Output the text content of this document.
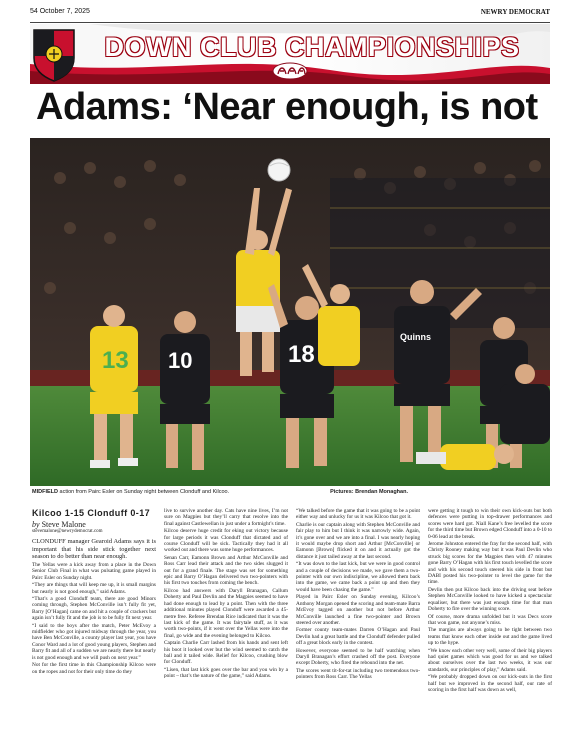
54 October 7, 2025	NEWRY DEMOCRAT
DOWN CLUB CHAMPIONSHIPS
Adams: ‘Near enough, is not
13 10	18
Quinns
MIDFIELD action from Pairc Esler on Sunday night between Clonduff and Kilcoo.	Pictures: Brendan Monaghan.
Kilcoo 1-15 Clonduff 0-17
by Steve Malone
stevemalone@newrydemocrat.com

CLONDUFF manager Gearoid Adams says it is important that his side stick together next season to do better than near enough.

The Yellas were a kick away from a place in the Down Senior Club Final in what was pulsating game played in Pairc Esler on Sunday night.

“They are things that will keep me up, it is small margins but nearly is not good enough,” said Adams.

“That’s a good Clonduff team, there are good Minors coming through, Stephen McConville isn’t fully fit yet, Barry [O’Hagan] came on and hit a couple of crackers but again isn’t fully fit and the job is to be fully fit next year.

“I said to the boys after the match, Peter McEvoy a midfielder who got injured midway through the year, you have Ben McConville, a county player last year, you have Conor Ward and a lot of good young players, Stephen and Barry fit and all of a sudden we are nearly there but nearly is not good enough and we will push on next year.”

Not for the first time in this Championship Kilcoo were on the ropes and not for their only time do they

live to survive another day. Cats have nine lives, I’m not sure on Magpies but they’ll carry that resolve into the final against Castlewellan in just under a fortnight’s time.

Kilcoo deserve huge credit for eking out victory because for large periods it was Clonduff that dictated and of course Clonduff will be sick. Tactically they had it all worked out and there was some huge performances.

Senan Carr, Eamonn Brown and Arthur McConville and Ross Carr lead their attack and the two sides slugged it out for a grand finale. The stage was set for something epic and Barry O’Hagan delivered two two-pointers with his first two touches from coming the bench.

Kilcoo had answers with Daryll Branagan, Callum Doherty and Paul Devlin and the Magpies seemed to have had done enough to lead by a point. Then with the three additional minutes played Clonduff were awarded a 45-metre free. Referee Brendan Rice indicated that it was the last kick of the game. It was fairytale stuff, as it was worth two-points, if it went over the Yellas were into the final, go wide and the evening belonged to Kilcoo.

Captain Charlie Carr lashed from his hands and sent left his boot it looked over but the wind seemed to catch the ball and it tailed wide. Relief for Kilcoo, crushing blow for Clonduff.

“Lisen, that last kick goes over the bar and you win by a point – that’s the nature of the game,” said Adams.

“We talked before the game that it was going to be a point either way and unlucky for us it was Kilcoo that got it.

Charlie is our captain along with Stephen McConville and fair play to him but I think it was narrowly wide. Again, it’s gone over and we are into a final. I was nearly hoping it would maybe drop short and Arthur [McConville] or Eamonn [Brown] flicked it on and it actually got the distance it just tailed away at the last second.

“It was down to the last kick, but we were in good control and a couple of decisions we made, we gave them a two-pointer with our own indiscipline, we allowed them back into the game, we came back a point up and then they would have been chasing the game.”

Played in Pairc Esler on Sunday evening, Kilcoo’s Anthony Morgan opened the scoring and team-mate Barra McEvoy tagged on another but not before Arthur McConville launched a fine two-pointer and Brown steered over another.

Former county team-mates Darren O’Hagan and Paul Devlin had a great battle and the Clonduff defender pulled off a great block early in the contest.

However, everyone seemed to be half watching when Daryll Branagan’s effort crashed off the post. Everyone except Doherty, who fired the rebound into the net.

The scores went tit-for-tat including two tremendous two-pointers from Ross Carr. The Yellas

were getting it tough to win their own kick-outs but both defences were putting in top-drawer performances and scores were hard got. Niall Kane’s free levelled the score for the third time but Brown edged Clonduff into a 0-10 to 0-06 lead at the break.

Jerome Johnston entered the fray for the second half, with Christy Rooney making way but it was Paul Devlin who struck big scores for the Magpies then with 47 minutes gone Barry O’Hagan with his first touch levelled the score and with his second touch steered his side in front but DABI posted his two-pointer to level the game for the time.

Devlin then put Kilcoo back into the driving seat before Stephen McConville looked to have kicked a spectacular equaliser, but there was just enough time for that man Doherty to fire over the winning score.

Of course, more drama unfolded but it was Decs score that won game, not anyone’s miss.

The margins are always going to be tight between two teams that know each other inside out and the game lived up to the hype.

“We know each other very well, some of their big players had quiet games which was good for us and we talked about ourselves over the last two weeks, it was our standards, our principles of play,” Adams said.

“We probably dropped down on our kick-outs in the first half but we improved in the second half, our rate of scoring in the first half was down as well,
